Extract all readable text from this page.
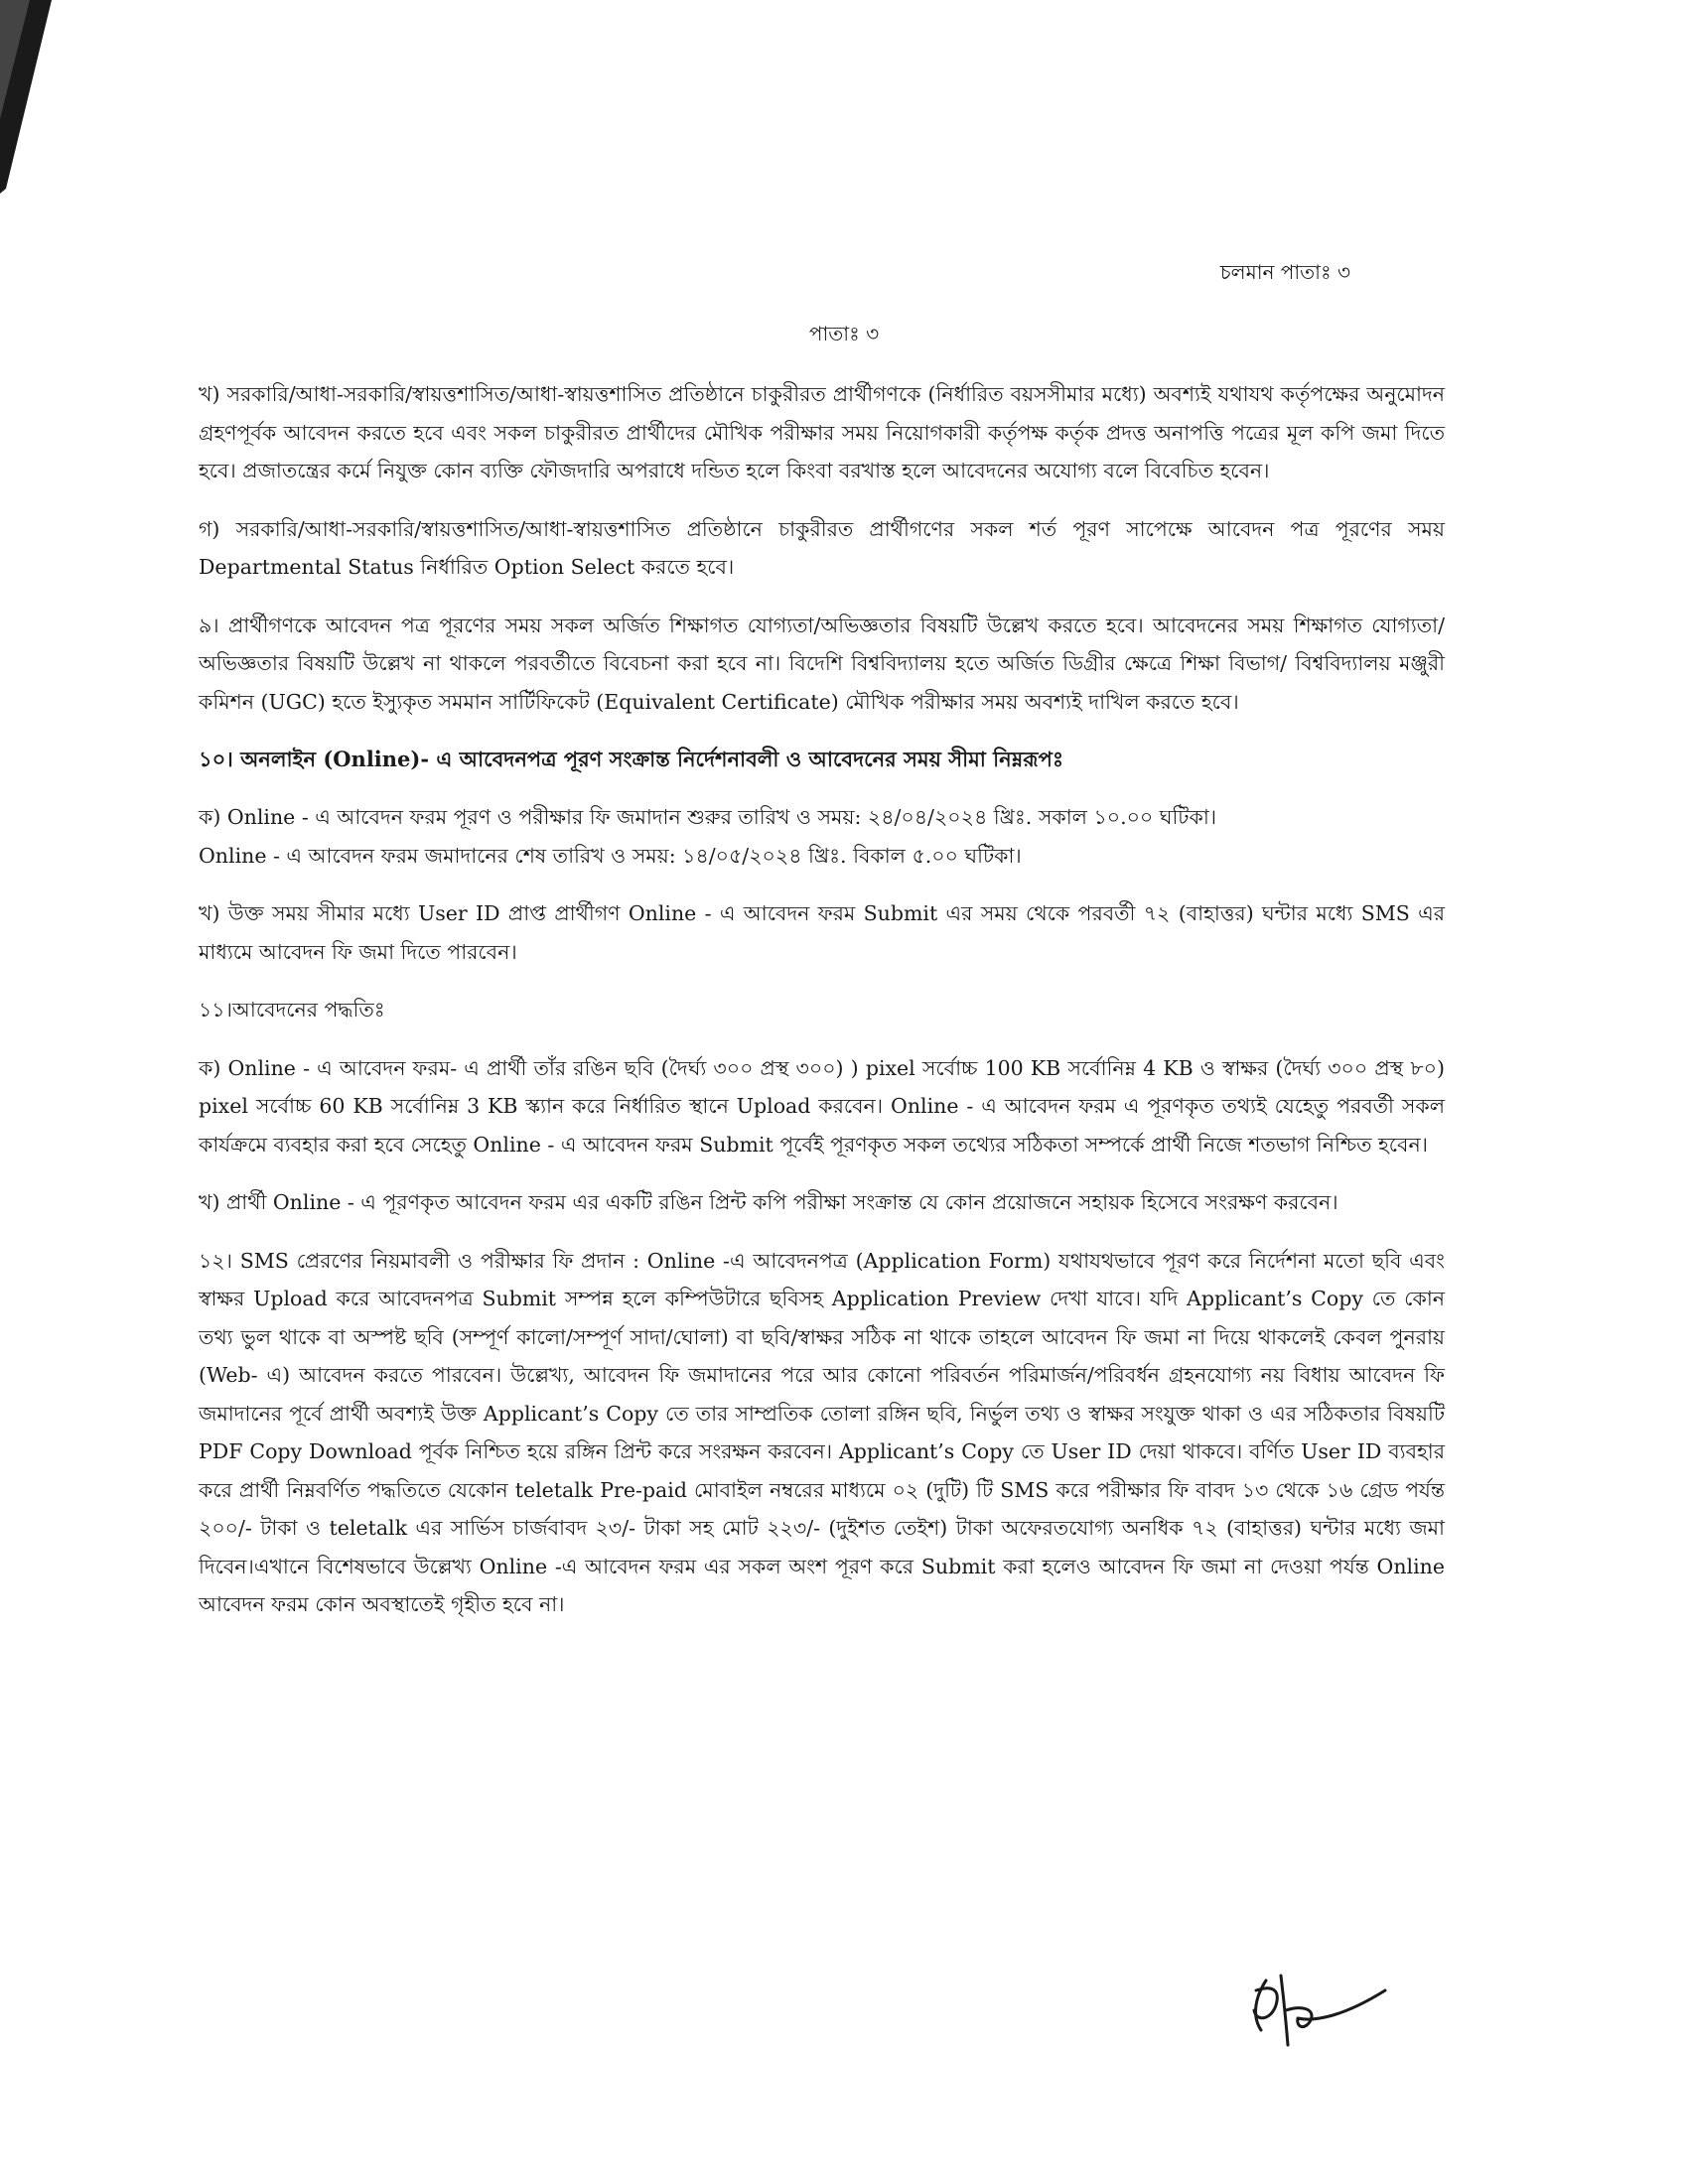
চলমান পাতাঃ ৩
পাতাঃ ৩

খ) সরকারি/আধা-সরকারি/স্বায়ত্তশাসিত/আধা-স্বায়ত্তশাসিত প্রতিষ্ঠানে চাকুরীরত প্রার্থীগণকে (নির্ধারিত বয়সসীমার মধ্যে) অবশ্যই যথাযথ কর্তৃপক্ষের অনুমোদন গ্রহণপূর্বক আবেদন করতে হবে এবং সকল চাকুরীরত প্রার্থীদের মৌখিক পরীক্ষার সময় নিয়োগকারী কর্তৃপক্ষ কর্তৃক প্রদত্ত অনাপত্তি পত্রের মূল কপি জমা দিতে হবে। প্রজাতন্ত্রের কর্মে নিযুক্ত কোন ব্যক্তি ফৌজদারি অপরাধে দন্ডিত হলে কিংবা বরখাস্ত হলে আবেদনের অযোগ্য বলে বিবেচিত হবেন।

গ) সরকারি/আধা-সরকারি/স্বায়ত্তশাসিত/আধা-স্বায়ত্তশাসিত প্রতিষ্ঠানে চাকুরীরত প্রার্থীগণের সকল শর্ত পূরণ সাপেক্ষে আবেদন পত্র পূরণের সময় Departmental Status নির্ধারিত Option Select করতে হবে।

৯। প্রার্থীগণকে আবেদন পত্র পূরণের সময় সকল অর্জিত শিক্ষাগত যোগ্যতা/অভিজ্ঞতার বিষয়টি উল্লেখ করতে হবে। আবেদনের সময় শিক্ষাগত যোগ্যতা/অভিজ্ঞতার বিষয়টি উল্লেখ না থাকলে পরবর্তীতে বিবেচনা করা হবে না। বিদেশি বিশ্ববিদ্যালয় হতে অর্জিত ডিগ্রীর ক্ষেত্রে শিক্ষা বিভাগ/ বিশ্ববিদ্যালয় মঞ্জুরী কমিশন (UGC) হতে ইস্যুকৃত সমমান সার্টিফিকেট (Equivalent Certificate) মৌখিক পরীক্ষার সময় অবশ্যই দাখিল করতে হবে।

১০। অনলাইন (Online)- এ আবেদনপত্র পূরণ সংক্রান্ত নির্দেশনাবলী ও আবেদনের সময় সীমা নিম্নরূপঃ

ক) Online - এ আবেদন ফরম পূরণ ও পরীক্ষার ফি জমাদান শুরুর তারিখ ও সময়: ২৪/০৪/২০২৪ খ্রিঃ. সকাল ১০.০০ ঘটিকা।
Online - এ আবেদন ফরম জমাদানের শেষ তারিখ ও সময়: ১৪/০৫/২০২৪ খ্রিঃ. বিকাল ৫.০০ ঘটিকা।

খ) উক্ত সময় সীমার মধ্যে User ID প্রাপ্ত প্রার্থীগণ Online - এ আবেদন ফরম Submit এর সময় থেকে পরবর্তী ৭২ (বাহাত্তর) ঘন্টার মধ্যে SMS এর মাধ্যমে আবেদন ফি জমা দিতে পারবেন।

১১।আবেদনের পদ্ধতিঃ

ক) Online - এ আবেদন ফরম- এ প্রার্থী তাঁর রঙিন ছবি (দৈর্ঘ্য ৩০০ প্রস্থ ৩০০) ) pixel সর্বোচ্চ 100 KB সর্বোনিম্ন 4 KB ও স্বাক্ষর (দৈর্ঘ্য ৩০০ প্রস্থ ৮০) pixel সর্বোচ্চ 60 KB সর্বোনিম্ন 3 KB স্ক্যান করে নির্ধারিত স্থানে Upload করবেন। Online - এ আবেদন ফরম এ পূরণকৃত তথ্যই যেহেতু পরবর্তী সকল কার্যক্রমে ব্যবহার করা হবে সেহেতু Online - এ আবেদন ফরম Submit পূর্বেই পূরণকৃত সকল তথ্যের সঠিকতা সম্পর্কে প্রার্থী নিজে শতভাগ নিশ্চিত হবেন।

খ) প্রার্থী Online - এ পূরণকৃত আবেদন ফরম এর একটি রঙিন প্রিন্ট কপি পরীক্ষা সংক্রান্ত যে কোন প্রয়োজনে সহায়ক হিসেবে সংরক্ষণ করবেন।

১২। SMS প্রেরণের নিয়মাবলী ও পরীক্ষার ফি প্রদান : Online -এ আবেদনপত্র (Application Form) যথাযথভাবে পূরণ করে নির্দেশনা মতো ছবি এবং স্বাক্ষর Upload করে আবেদনপত্র Submit সম্পন্ন হলে কম্পিউটারে ছবিসহ Application Preview দেখা যাবে। যদি Applicant’s Copy তে কোন তথ্য ভুল থাকে বা অস্পষ্ট ছবি (সম্পূর্ণ কালো/সম্পূর্ণ সাদা/ঘোলা) বা ছবি/স্বাক্ষর সঠিক না থাকে তাহলে আবেদন ফি জমা না দিয়ে থাকলেই কেবল পুনরায় (Web- এ) আবেদন করতে পারবেন। উল্লেখ্য, আবেদন ফি জমাদানের পরে আর কোনো পরিবর্তন পরিমার্জন/পরিবর্ধন গ্রহনযোগ্য নয় বিধায় আবেদন ফি জমাদানের পূর্বে প্রার্থী অবশ্যই উক্ত Applicant’s Copy তে তার সাম্প্রতিক তোলা রঙ্গিন ছবি, নির্ভুল তথ্য ও স্বাক্ষর সংযুক্ত থাকা ও এর সঠিকতার বিষয়টি PDF Copy Download পূর্বক নিশ্চিত হয়ে রঙ্গিন প্রিন্ট করে সংরক্ষন করবেন। Applicant’s Copy তে User ID দেয়া থাকবে। বর্ণিত User ID ব্যবহার করে প্রার্থী নিম্নবর্ণিত পদ্ধতিতে যেকোন teletalk Pre-paid মোবাইল নম্বরের মাধ্যমে ০২ (দুটি) টি SMS করে পরীক্ষার ফি বাবদ ১৩ থেকে ১৬ গ্রেড পর্যন্ত ২০০/- টাকা ও teletalk এর সার্ভিস চার্জবাবদ ২৩/- টাকা সহ মোট ২২৩/- (দুইশত তেইশ) টাকা অফেরতযোগ্য অনধিক ৭২ (বাহাত্তর) ঘন্টার মধ্যে জমা দিবেন।এখানে বিশেষভাবে উল্লেখ্য Online -এ আবেদন ফরম এর সকল অংশ পূরণ করে Submit করা হলেও আবেদন ফি জমা না দেওয়া পর্যন্ত Online আবেদন ফরম কোন অবস্থাতেই গৃহীত হবে না।
